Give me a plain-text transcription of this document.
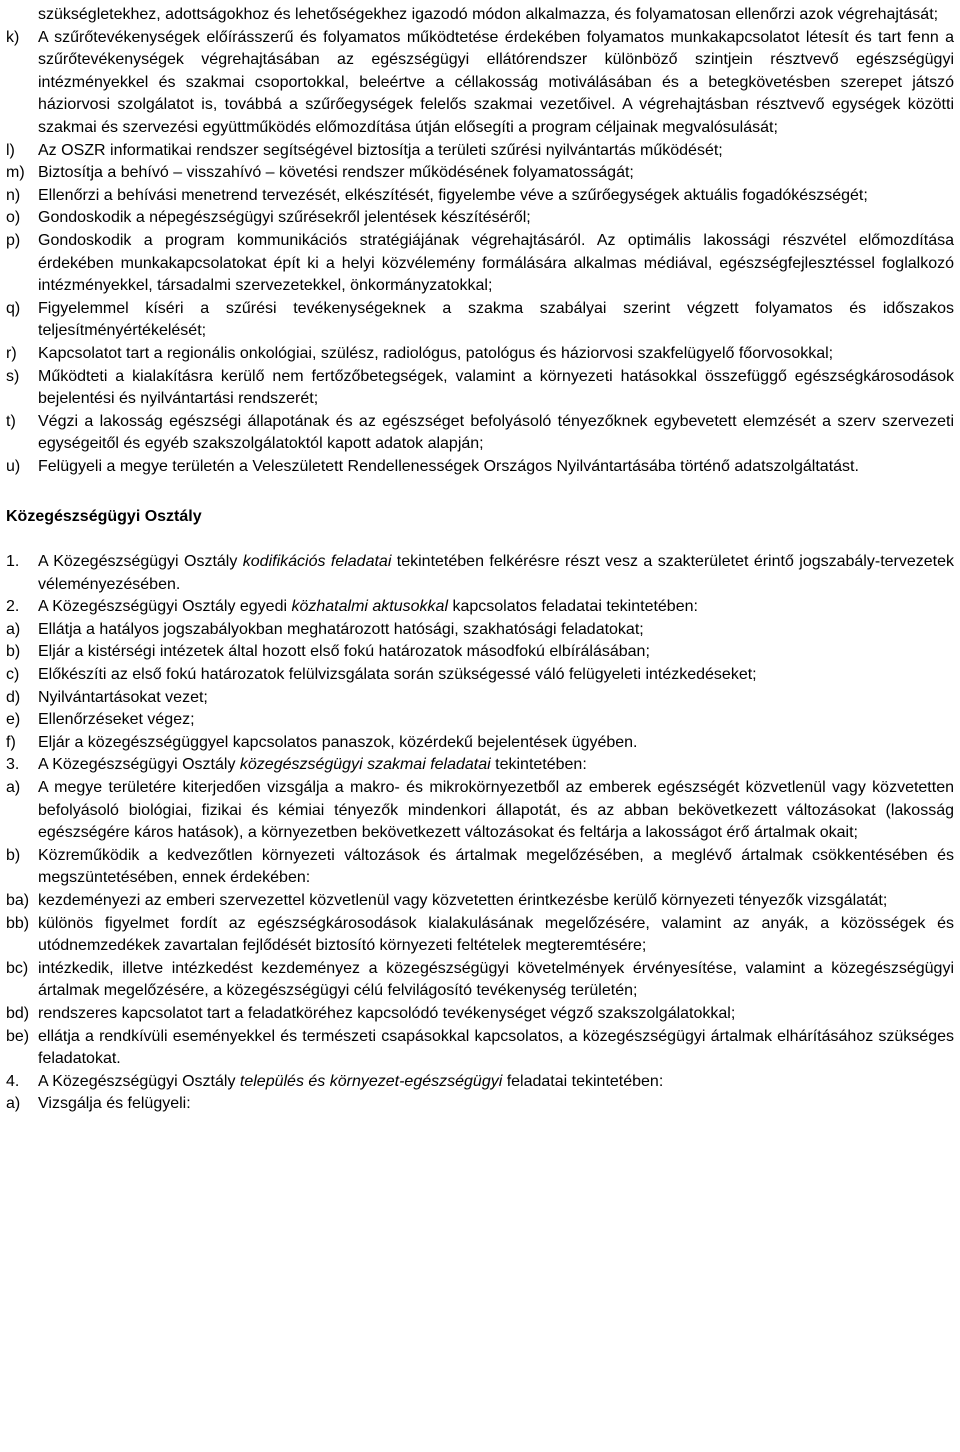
szükségletekhez, adottságokhoz és lehetőségekhez igazodó módon alkalmazza, és folyamatosan ellenőrzi azok végrehajtását;

k) A szűrőtevékenységek előírásszerű és folyamatos működtetése érdekében folyamatos munkakapcsolatot létesít és tart fenn a szűrőtevékenységek végrehajtásában az egészségügyi ellátórendszer különböző szintjein résztvevő egészségügyi intézményekkel és szakmai csoportokkal, beleértve a céllakosság motiválásában és a betegkövetésben szerepet játszó háziorvosi szolgálatot is, továbbá a szűrőegységek felelős szakmai vezetőivel. A végrehajtásban résztvevő egységek közötti szakmai és szervezési együttműködés előmozdítása útján elősegíti a program céljainak megvalósulását;

l) Az OSZR informatikai rendszer segítségével biztosítja a területi szűrési nyilvántartás működését;

m) Biztosítja a behívó – visszahívó – követési rendszer működésének folyamatosságát;

n) Ellenőrzi a behívási menetrend tervezését, elkészítését, figyelembe véve a szűrőegységek aktuális fogadókészségét;

o) Gondoskodik a népegészségügyi szűrésekről jelentések készítéséről;

p) Gondoskodik a program kommunikációs stratégiájának végrehajtásáról. Az optimális lakossági részvétel előmozdítása érdekében munkakapcsolatokat épít ki a helyi közvélemény formálására alkalmas médiával, egészségfejlesztéssel foglalkozó intézményekkel, társadalmi szervezetekkel, önkormányzatokkal;

q) Figyelemmel kíséri a szűrési tevékenységeknek a szakma szabályai szerint végzett folyamatos és időszakos teljesítményértékelését;

r) Kapcsolatot tart a regionális onkológiai, szülész, radiológus, patológus és háziorvosi szakfelügyelő főorvosokkal;

s) Működteti a kialakításra kerülő nem fertőzőbetegségek, valamint a környezeti hatásokkal összefüggő egészségkárosodások bejelentési és nyilvántartási rendszerét;

t) Végzi a lakosság egészségi állapotának és az egészséget befolyásoló tényezőknek egybevetett elemzését a szerv szervezeti egységeitől és egyéb szakszolgálatoktól kapott adatok alapján;

u) Felügyeli a megye területén a Veleszületett Rendellenességek Országos Nyilvántartásába történő adatszolgáltatást.

Közegészségügyi Osztály

1. A Közegészségügyi Osztály kodifikációs feladatai tekintetében felkérésre részt vesz a szakterületet érintő jogszabály-tervezetek véleményezésében.

2. A Közegészségügyi Osztály egyedi közhatalmi aktusokkal kapcsolatos feladatai tekintetében:

a) Ellátja a hatályos jogszabályokban meghatározott hatósági, szakhatósági feladatokat;

b) Eljár a kistérségi intézetek által hozott első fokú határozatok másodfokú elbírálásában;

c) Előkészíti az első fokú határozatok felülvizsgálata során szükségessé váló felügyeleti intézkedéseket;

d) Nyilvántartásokat vezet;

e) Ellenőrzéseket végez;

f) Eljár a közegészségüggyel kapcsolatos panaszok, közérdekű bejelentések ügyében.

3. A Közegészségügyi Osztály közegészségügyi szakmai feladatai tekintetében:

a) A megye területére kiterjedően vizsgálja a makro- és mikrokörnyezetből az emberek egészségét közvetlenül vagy közvetetten befolyásoló biológiai, fizikai és kémiai tényezők mindenkori állapotát, és az abban bekövetkezett változásokat (lakosság egészségére káros hatások), a környezetben bekövetkezett változásokat és feltárja a lakosságot érő ártalmak okait;

b) Közreműködik a kedvezőtlen környezeti változások és ártalmak megelőzésében, a meglévő ártalmak csökkentésében és megszüntetésében, ennek érdekében:

ba) kezdeményezi az emberi szervezettel közvetlenül vagy közvetetten érintkezésbe kerülő környezeti tényezők vizsgálatát;

bb) különös figyelmet fordít az egészségkárosodások kialakulásának megelőzésére, valamint az anyák, a közösségek és utódnemzedékek zavartalan fejlődését biztosító környezeti feltételek megteremtésére;

bc) intézkedik, illetve intézkedést kezdeményez a közegészségügyi követelmények érvényesítése, valamint a közegészségügyi ártalmak megelőzésére, a közegészségügyi célú felvilágosító tevékenység területén;

bd) rendszeres kapcsolatot tart a feladatköréhez kapcsolódó tevékenységet végző szakszolgálatokkal;

be) ellátja a rendkívüli eseményekkel és természeti csapásokkal kapcsolatos, a közegészségügyi ártalmak elhárításához szükséges feladatokat.

4. A Közegészségügyi Osztály település és környezet-egészségügyi feladatai tekintetében:

a) Vizsgálja és felügyeli:
